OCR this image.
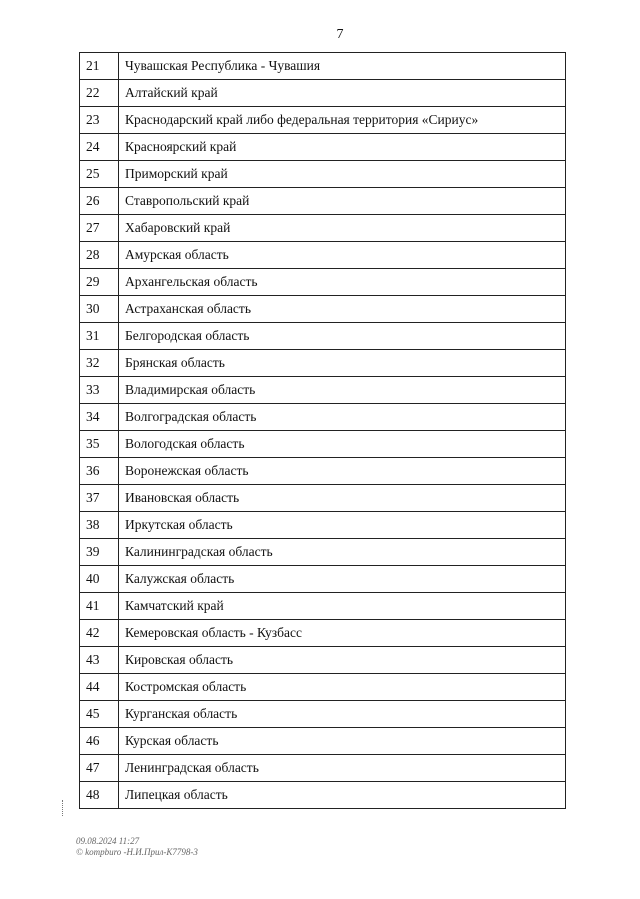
7
21	Чувашская Республика - Чувашия
22	Алтайский край
23	Краснодарский край либо федеральная территория «Сириус»
24	Красноярский край
25	Приморский край
26	Ставропольский край
27	Хабаровский край
28	Амурская область
29	Архангельская область
30	Астраханская область
31	Белгородская область
32	Брянская область
33	Владимирская область
34	Волгоградская область
35	Вологодская область
36	Воронежская область
37	Ивановская область
38	Иркутская область
39	Калининградская область
40	Калужская область
41	Камчатский край
42	Кемеровская область - Кузбасс
43	Кировская область
44	Костромская область
45	Курганская область
46	Курская область
47	Ленинградская область
48	Липецкая область
09.08.2024 11:27
© kompburo -Н.И.Прил-К7798-3
